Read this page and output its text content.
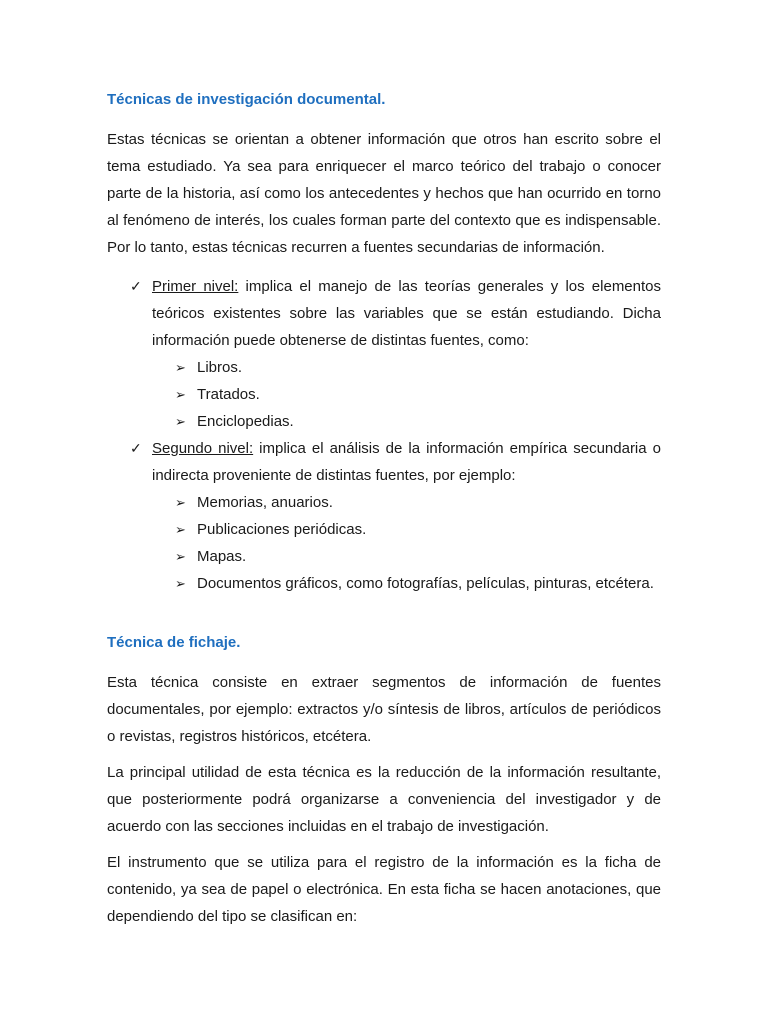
Técnicas de investigación documental.

Estas técnicas se orientan a obtener información que otros han escrito sobre el tema estudiado. Ya sea para enriquecer el marco teórico del trabajo o conocer parte de la historia, así como los antecedentes y hechos que han ocurrido en torno al fenómeno de interés, los cuales forman parte del contexto que es indispensable. Por lo tanto, estas técnicas recurren a fuentes secundarias de información.

✓ Primer nivel: implica el manejo de las teorías generales y los elementos teóricos existentes sobre las variables que se están estudiando. Dicha información puede obtenerse de distintas fuentes, como:
➢ Libros.
➢ Tratados.
➢ Enciclopedias.
✓ Segundo nivel: implica el análisis de la información empírica secundaria o indirecta proveniente de distintas fuentes, por ejemplo:
➢ Memorias, anuarios.
➢ Publicaciones periódicas.
➢ Mapas.
➢ Documentos gráficos, como fotografías, películas, pinturas, etcétera.
Técnica de fichaje.

Esta técnica consiste en extraer segmentos de información de fuentes documentales, por ejemplo: extractos y/o síntesis de libros, artículos de periódicos o revistas, registros históricos, etcétera.

La principal utilidad de esta técnica es la reducción de la información resultante, que posteriormente podrá organizarse a conveniencia del investigador y de acuerdo con las secciones incluidas en el trabajo de investigación.

El instrumento que se utiliza para el registro de la información es la ficha de contenido, ya sea de papel o electrónica. En esta ficha se hacen anotaciones, que dependiendo del tipo se clasifican en:
